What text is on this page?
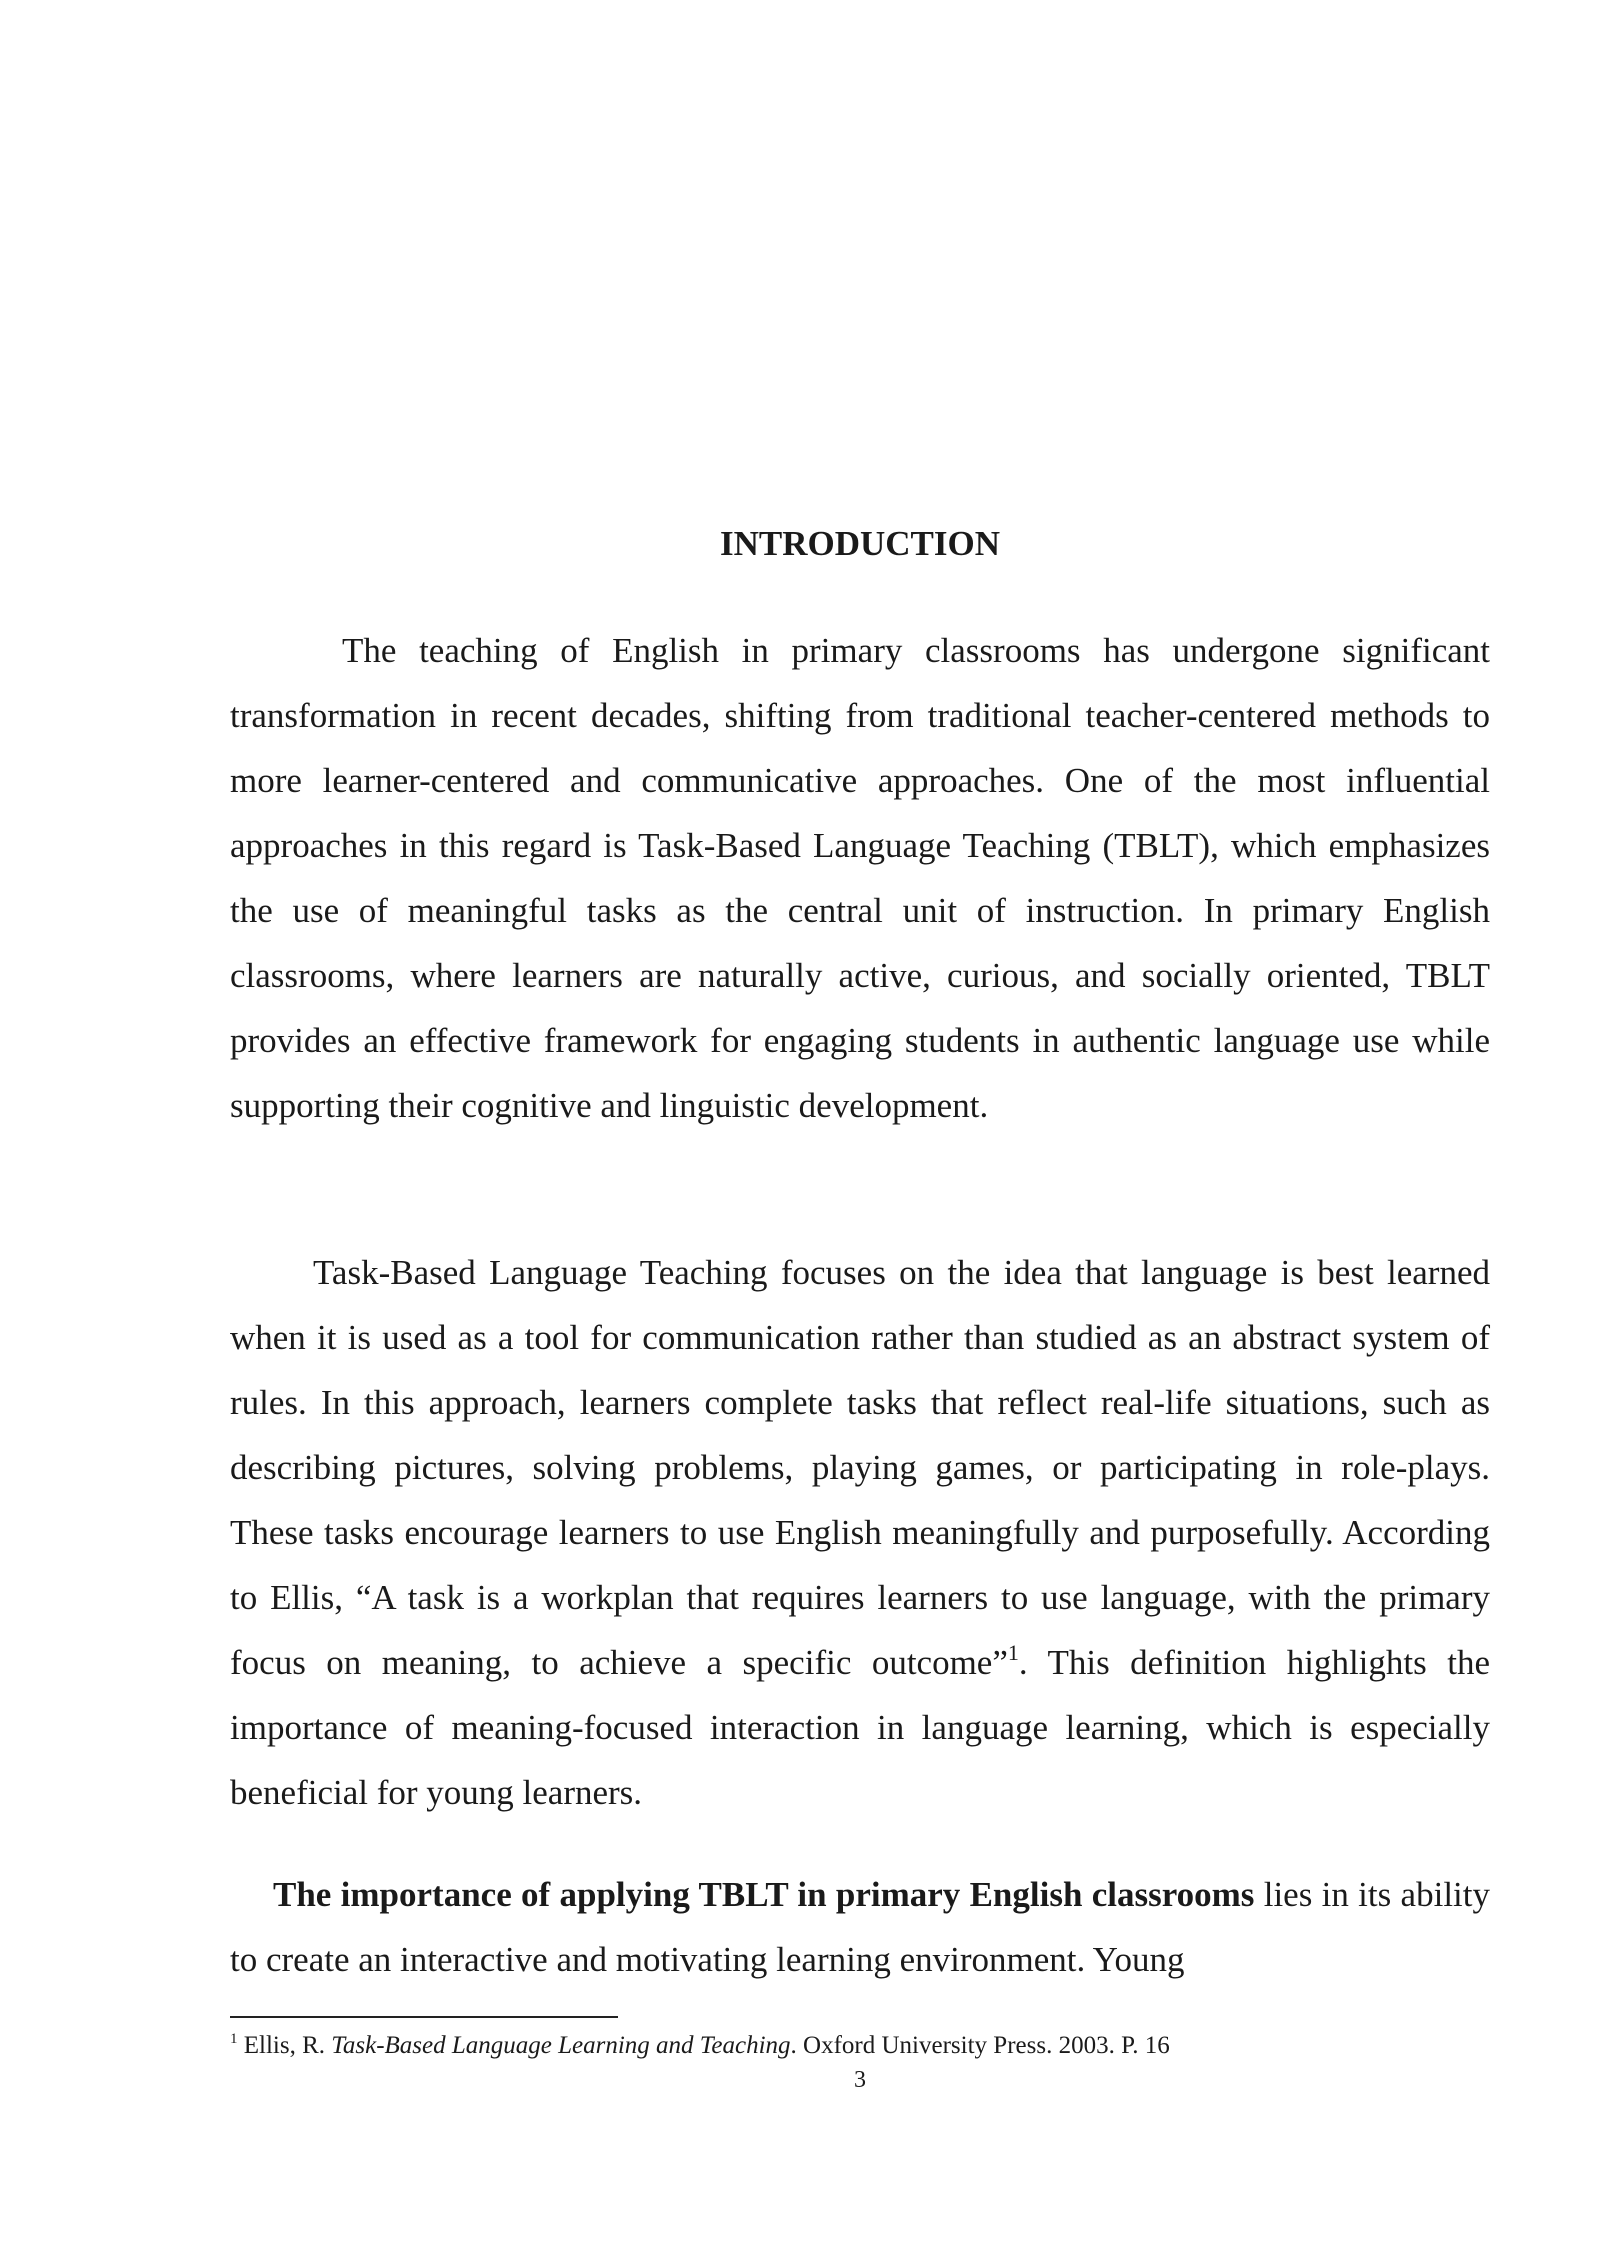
INTRODUCTION

The teaching of English in primary classrooms has undergone significant transformation in recent decades, shifting from traditional teacher-centered methods to more learner-centered and communicative approaches. One of the most influential approaches in this regard is Task-Based Language Teaching (TBLT), which emphasizes the use of meaningful tasks as the central unit of instruction. In primary English classrooms, where learners are naturally active, curious, and socially oriented, TBLT provides an effective framework for engaging students in authentic language use while supporting their cognitive and linguistic development.

Task-Based Language Teaching focuses on the idea that language is best learned when it is used as a tool for communication rather than studied as an abstract system of rules. In this approach, learners complete tasks that reflect real-life situations, such as describing pictures, solving problems, playing games, or participating in role-plays. These tasks encourage learners to use English meaningfully and purposefully. According to Ellis, “A task is a workplan that requires learners to use language, with the primary focus on meaning, to achieve a specific outcome”$^1$. This definition highlights the importance of meaning-focused interaction in language learning, which is especially beneficial for young learners.

The importance of applying TBLT in primary English classrooms lies in its ability to create an interactive and motivating learning environment. Young

$^1$ Ellis, R. Task-Based Language Learning and Teaching. Oxford University Press. 2003. P. 16

3
